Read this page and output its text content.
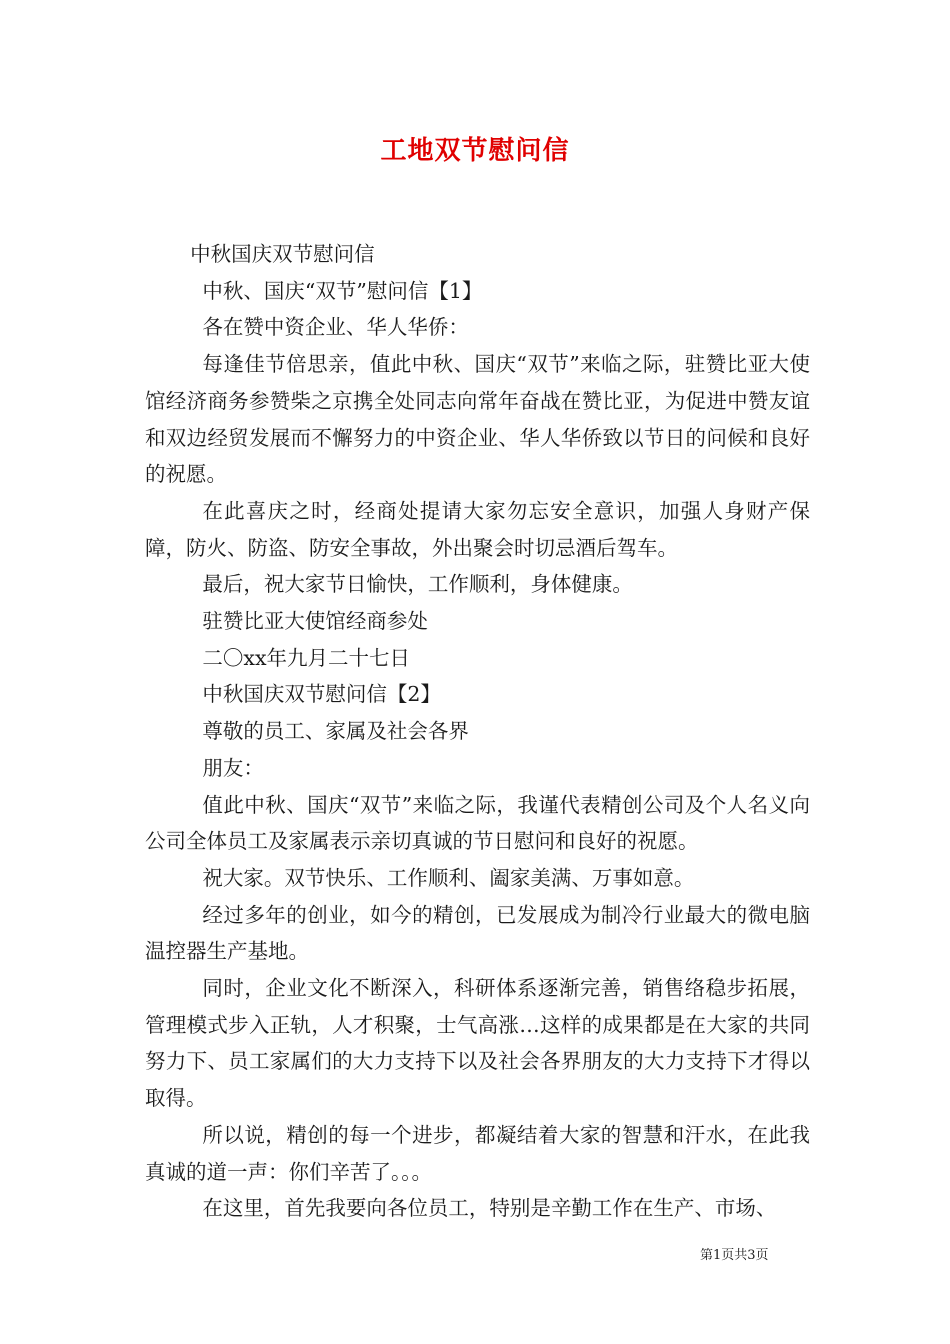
工地双节慰问信

中秋国庆双节慰问信

中秋、国庆“双节”慰问信【1】

各在赞中资企业、华人华侨：

每逢佳节倍思亲，值此中秋、国庆“双节”来临之际，驻赞比亚大使馆经济商务参赞柴之京携全处同志向常年奋战在赞比亚，为促进中赞友谊和双边经贸发展而不懈努力的中资企业、华人华侨致以节日的问候和良好的祝愿。

在此喜庆之时，经商处提请大家勿忘安全意识，加强人身财产保障，防火、防盗、防安全事故，外出聚会时切忌酒后驾车。

最后，祝大家节日愉快，工作顺利，身体健康。

驻赞比亚大使馆经商参处

二〇xx年九月二十七日

中秋国庆双节慰问信【2】

尊敬的员工、家属及社会各界

朋友：

值此中秋、国庆“双节”来临之际，我谨代表精创公司及个人名义向公司全体员工及家属表示亲切真诚的节日慰问和良好的祝愿。

祝大家。双节快乐、工作顺利、阖家美满、万事如意。

经过多年的创业，如今的精创，已发展成为制冷行业最大的微电脑温控器生产基地。

同时，企业文化不断深入，科研体系逐渐完善，销售络稳步拓展，管理模式步入正轨，人才积聚，士气高涨…这样的成果都是在大家的共同努力下、员工家属们的大力支持下以及社会各界朋友的大力支持下才得以取得。

所以说，精创的每一个进步，都凝结着大家的智慧和汗水，在此我真诚的道一声：你们辛苦了。。。

在这里，首先我要向各位员工，特别是辛勤工作在生产、市场、

第1页共3页
